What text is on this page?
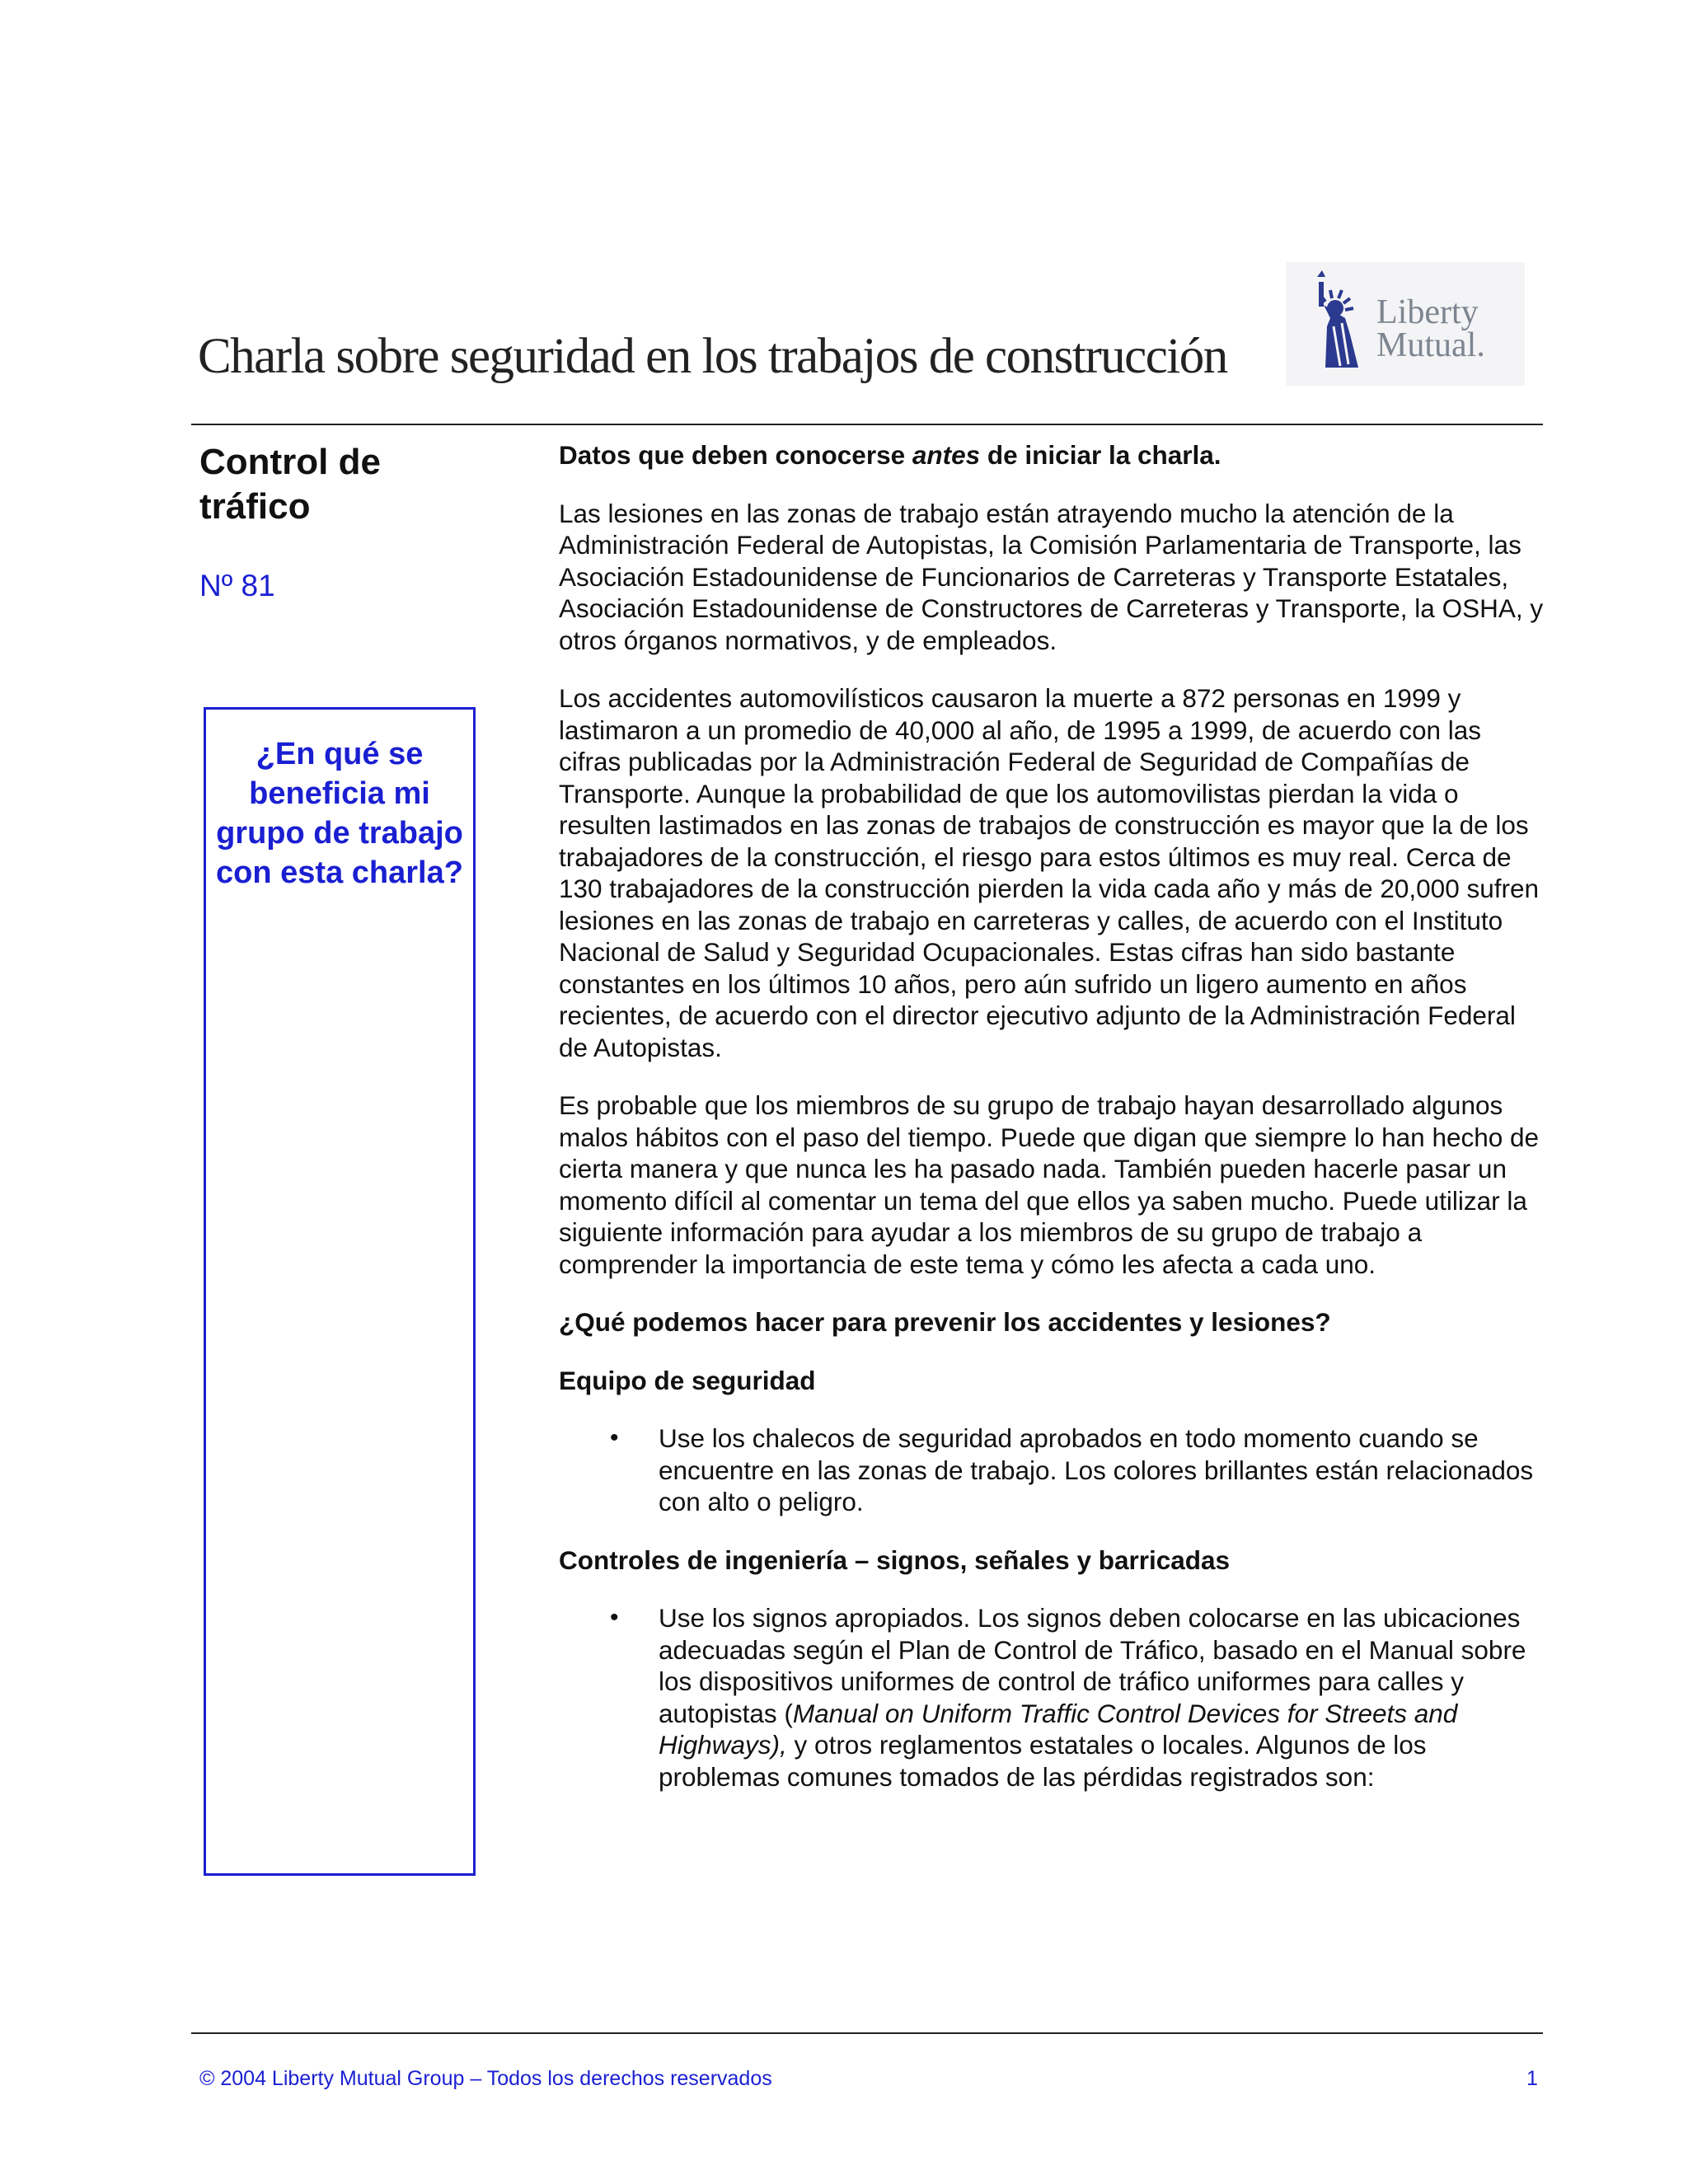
Charla sobre seguridad en los trabajos de construcción
Liberty
Mutual.
Control de
tráfico
Nº 81
¿En qué se
beneficia mi
grupo de trabajo
con esta charla?
Datos que deben conocerse antes de iniciar la charla.

Las lesiones en las zonas de trabajo están atrayendo mucho la atención de la Administración Federal de Autopistas, la Comisión Parlamentaria de Transporte, las Asociación Estadounidense de Funcionarios de Carreteras y Transporte Estatales, Asociación Estadounidense de Constructores de Carreteras y Transporte, la OSHA, y otros órganos normativos, y de empleados.

Los accidentes automovilísticos causaron la muerte a 872 personas en 1999 y lastimaron a un promedio de 40,000 al año, de 1995 a 1999, de acuerdo con las cifras publicadas por la Administración Federal de Seguridad de Compañías de Transporte. Aunque la probabilidad de que los automovilistas pierdan la vida o resulten lastimados en las zonas de trabajos de construcción es mayor que la de los trabajadores de la construcción, el riesgo para estos últimos es muy real. Cerca de 130 trabajadores de la construcción pierden la vida cada año y más de 20,000 sufren lesiones en las zonas de trabajo en carreteras y calles, de acuerdo con el Instituto Nacional de Salud y Seguridad Ocupacionales. Estas cifras han sido bastante constantes en los últimos 10 años, pero aún sufrido un ligero aumento en años recientes, de acuerdo con el director ejecutivo adjunto de la Administración Federal de Autopistas.

Es probable que los miembros de su grupo de trabajo hayan desarrollado algunos malos hábitos con el paso del tiempo. Puede que digan que siempre lo han hecho de cierta manera y que nunca les ha pasado nada. También pueden hacerle pasar un momento difícil al comentar un tema del que ellos ya saben mucho. Puede utilizar la siguiente información para ayudar a los miembros de su grupo de trabajo a comprender la importancia de este tema y cómo les afecta a cada uno.

¿Qué podemos hacer para prevenir los accidentes y lesiones?
Equipo de seguridad
• Use los chalecos de seguridad aprobados en todo momento cuando se encuentre en las zonas de trabajo. Los colores brillantes están relacionados con alto o peligro.
Controles de ingeniería – signos, señales y barricadas
• Use los signos apropiados. Los signos deben colocarse en las ubicaciones adecuadas según el Plan de Control de Tráfico, basado en el Manual sobre los dispositivos uniformes de control de tráfico uniformes para calles y autopistas (Manual on Uniform Traffic Control Devices for Streets and Highways), y otros reglamentos estatales o locales. Algunos de los problemas comunes tomados de las pérdidas registrados son:
© 2004 Liberty Mutual Group – Todos los derechos reservados	1
